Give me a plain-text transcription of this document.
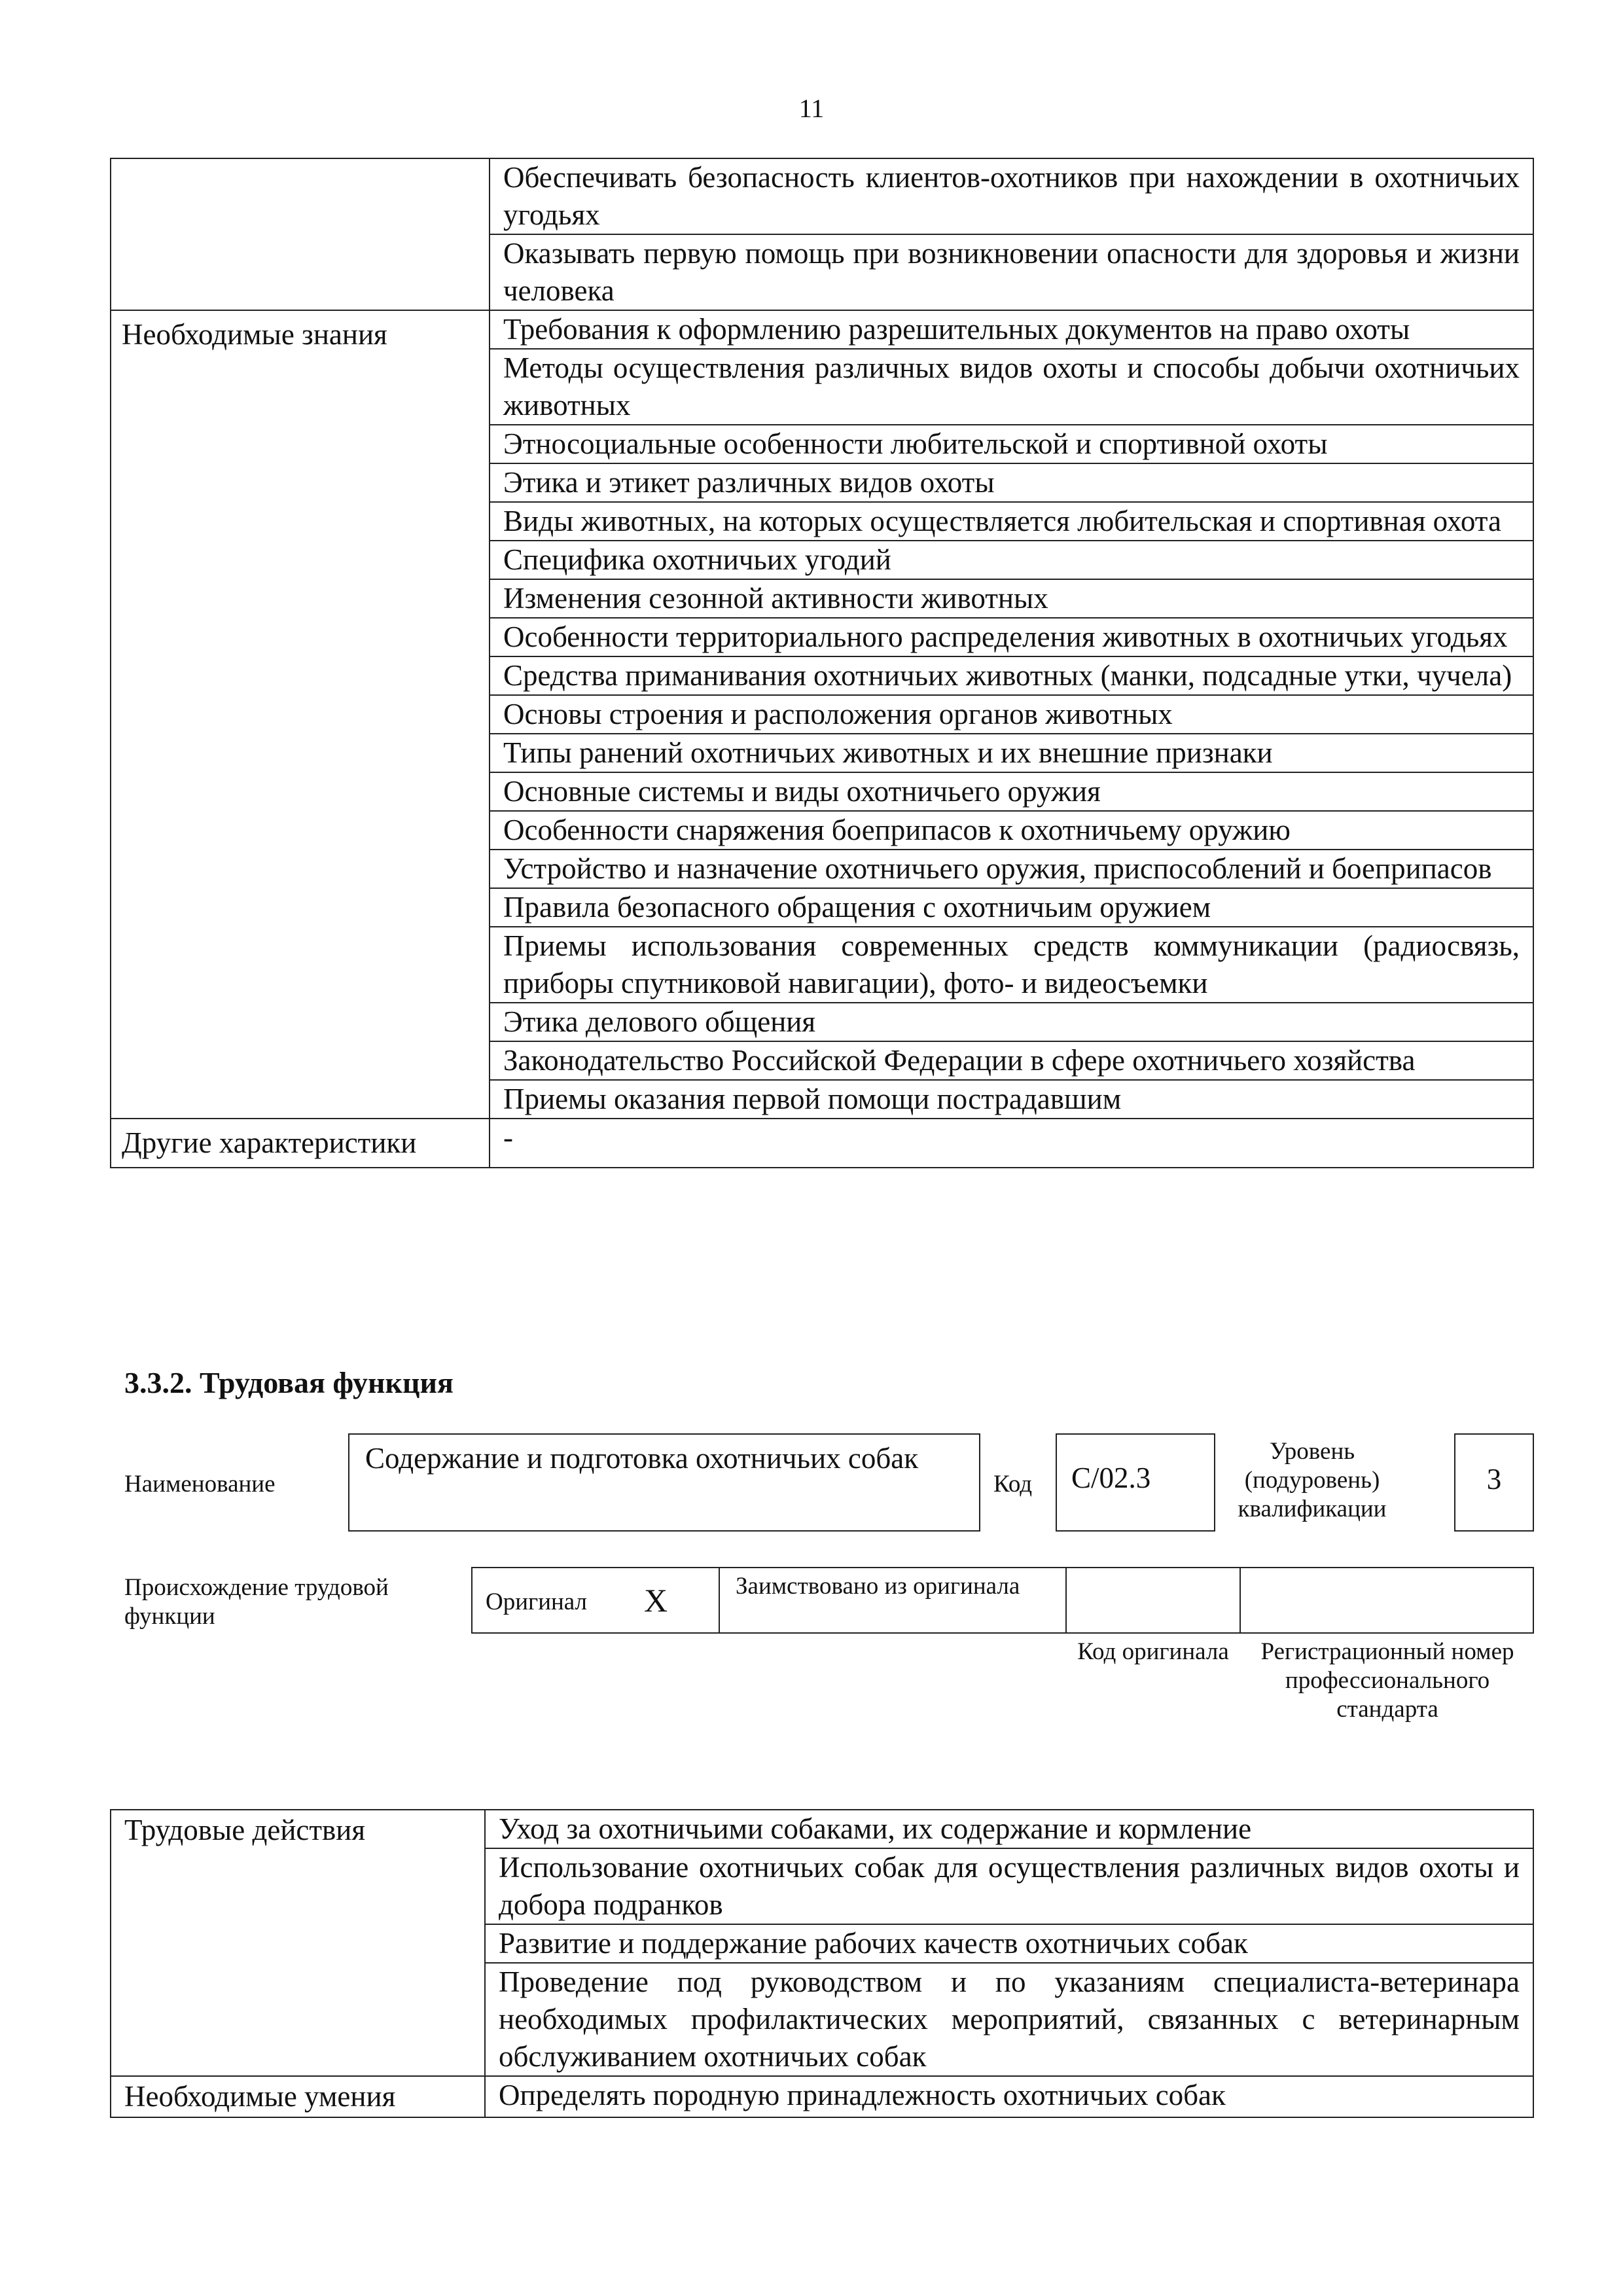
11
	Обеспечивать безопасность клиентов-охотников при нахождении в охотничьих угодьях
	Оказывать первую помощь при возникновении опасности для здоровья и жизни человека
Необходимые знания	Требования к оформлению разрешительных документов на право охоты
	Методы осуществления различных видов охоты и способы добычи охотничьих животных
	Этносоциальные особенности любительской и спортивной охоты
	Этика и этикет различных видов охоты
	Виды животных, на которых осуществляется любительская и спортивная охота
	Специфика охотничьих угодий
	Изменения сезонной активности животных
	Особенности территориального распределения животных в охотничьих угодьях
	Средства приманивания охотничьих животных (манки, подсадные утки, чучела)
	Основы строения и расположения органов животных
	Типы ранений охотничьих животных и их внешние признаки
	Основные системы и виды охотничьего оружия
	Особенности снаряжения боеприпасов к охотничьему оружию
	Устройство и назначение охотничьего оружия, приспособлений и боеприпасов
	Правила безопасного обращения с охотничьим оружием
	Приемы использования современных средств коммуникации (радиосвязь, приборы спутниковой навигации), фото- и видеосъемки
	Этика делового общения
	Законодательство Российской Федерации в сфере охотничьего хозяйства
	Приемы оказания первой помощи пострадавшим
Другие характеристики	-
3.3.2. Трудовая функция
Наименование
Содержание и подготовка охотничьих собак
Код	C/02.3
Уровень (подуровень) квалификации
3
Происхождение трудовой функции
Оригинал X	Заимствовано из оригинала
Код оригинала	Регистрационный номер профессионального стандарта
Трудовые действия	Уход за охотничьими собаками, их содержание и кормление
	Использование охотничьих собак для осуществления различных видов охоты и добора подранков
	Развитие и поддержание рабочих качеств охотничьих собак
	Проведение под руководством и по указаниям специалиста-ветеринара необходимых профилактических мероприятий, связанных с ветеринарным обслуживанием охотничьих собак
Необходимые умения	Определять породную принадлежность охотничьих собак
